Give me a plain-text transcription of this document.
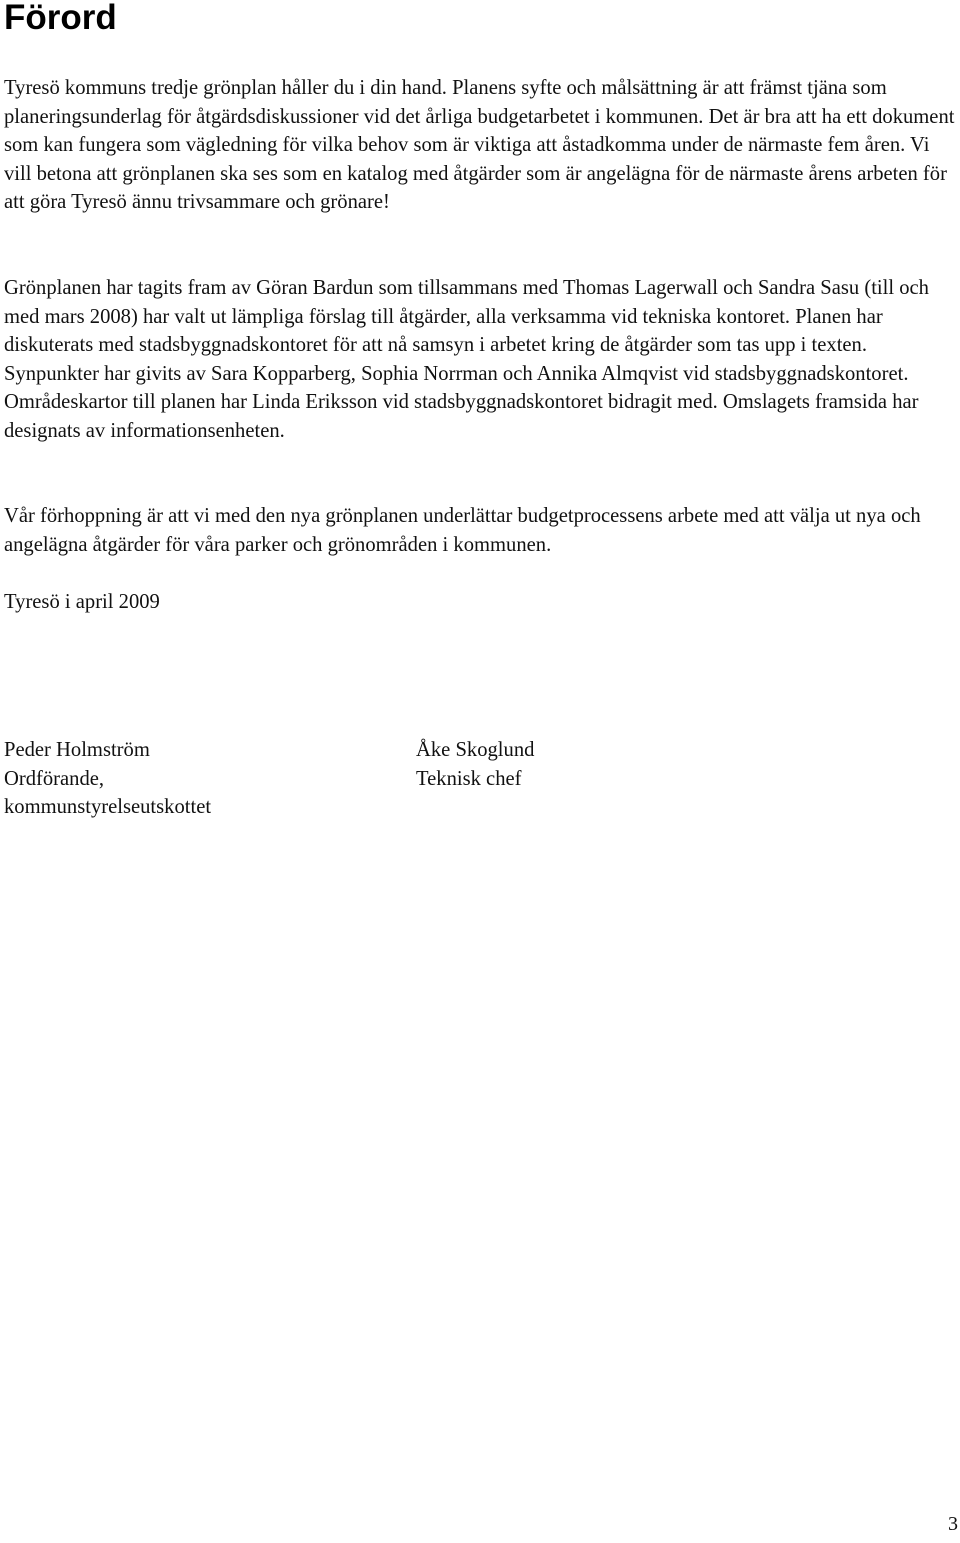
Förord

Tyresö kommuns tredje grönplan håller du i din hand. Planens syfte och målsättning är att främst tjäna som planeringsunderlag för åtgärdsdiskussioner vid det årliga budgetarbetet i kommunen. Det är bra att ha ett dokument som kan fungera som vägledning för vilka behov som är viktiga att åstadkomma under de närmaste fem åren. Vi vill betona att grönplanen ska ses som en katalog med åtgärder som är angelägna för de närmaste årens arbeten för att göra Tyresö ännu trivsammare och grönare!

Grönplanen har tagits fram av Göran Bardun som tillsammans med Thomas Lagerwall och Sandra Sasu (till och med mars 2008) har valt ut lämpliga förslag till åtgärder, alla verksamma vid tekniska kontoret. Planen har diskuterats med stadsbyggnadskontoret för att nå samsyn i arbetet kring de åtgärder som tas upp i texten. Synpunkter har givits av Sara Kopparberg, Sophia Norrman och Annika Almqvist vid stadsbyggnadskontoret. Områdeskartor till planen har Linda Eriksson vid stadsbyggnadskontoret bidragit med. Omslagets framsida har designats av informationsenheten.

Vår förhoppning är att vi med den nya grönplanen underlättar budgetprocessens arbete med att välja ut nya och angelägna åtgärder för våra parker och grönområden i kommunen.

Tyresö i april 2009

Peder Holmström
Ordförande,
kommunstyrelseutskottet
Åke Skoglund
Teknisk chef
3
